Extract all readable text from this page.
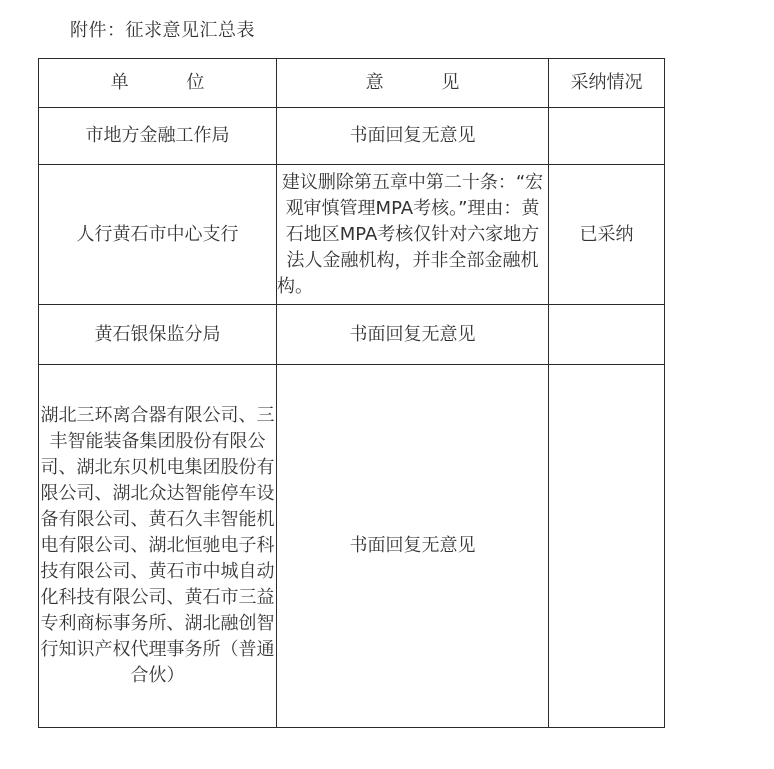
附件：征求意见汇总表
单 位	意 见	采纳情况
市地方金融工作局	书面回复无意见	
人行黄石市中心支行	建议删除第五章中第二十条：“宏观审慎管理MPA考核。”理由：黄石地区MPA考核仅针对六家地方法人金融机构，并非全部金融机构。	已采纳
黄石银保监分局	书面回复无意见	
湖北三环离合器有限公司、三丰智能装备集团股份有限公司、湖北东贝机电集团股份有限公司、湖北众达智能停车设备有限公司、黄石久丰智能机电有限公司、湖北恒驰电子科技有限公司、黄石市中城自动化科技有限公司、黄石市三益专利商标事务所、湖北融创智行知识产权代理事务所（普通合伙）	书面回复无意见	
